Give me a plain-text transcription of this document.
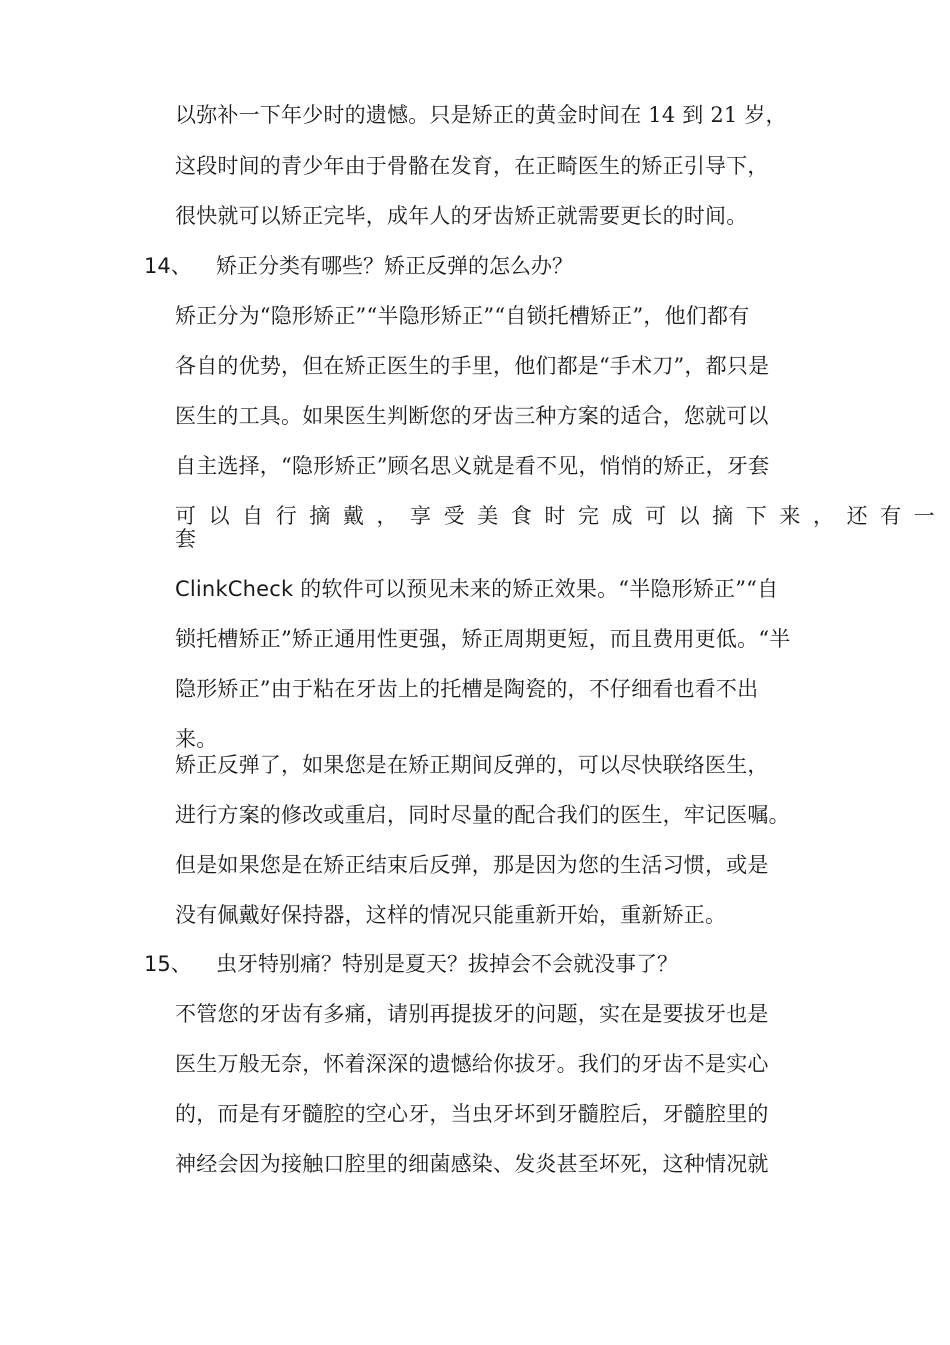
以弥补一下年少时的遗憾。只是矫正的黄金时间在 14 到 21 岁，
这段时间的青少年由于骨骼在发育，在正畸医生的矫正引导下，
很快就可以矫正完毕，成年人的牙齿矫正就需要更长的时间。
14、 矫正分类有哪些？矫正反弹的怎么办？
矫正分为“隐形矫正”“半隐形矫正”“自锁托槽矫正”，他们都有
各自的优势，但在矫正医生的手里，他们都是“手术刀”，都只是
医生的工具。如果医生判断您的牙齿三种方案的适合，您就可以
自主选择，“隐形矫正”顾名思义就是看不见，悄悄的矫正，牙套
可 以 自 行 摘 戴 ， 享 受 美 食 时 完 成 可 以 摘 下 来 ， 还 有 一
套
ClinkCheck 的软件可以预见未来的矫正效果。“半隐形矫正”“自
锁托槽矫正”矫正通用性更强，矫正周期更短，而且费用更低。“半
隐形矫正”由于粘在牙齿上的托槽是陶瓷的，不仔细看也看不出
来。
矫正反弹了，如果您是在矫正期间反弹的，可以尽快联络医生，
进行方案的修改或重启，同时尽量的配合我们的医生，牢记医嘱。
但是如果您是在矫正结束后反弹，那是因为您的生活习惯，或是
没有佩戴好保持器，这样的情况只能重新开始，重新矫正。
15、 虫牙特别痛？特别是夏天？拔掉会不会就没事了？
不管您的牙齿有多痛，请别再提拔牙的问题，实在是要拔牙也是
医生万般无奈，怀着深深的遗憾给你拔牙。我们的牙齿不是实心
的，而是有牙髓腔的空心牙，当虫牙坏到牙髓腔后，牙髓腔里的
神经会因为接触口腔里的细菌感染、发炎甚至坏死，这种情况就
